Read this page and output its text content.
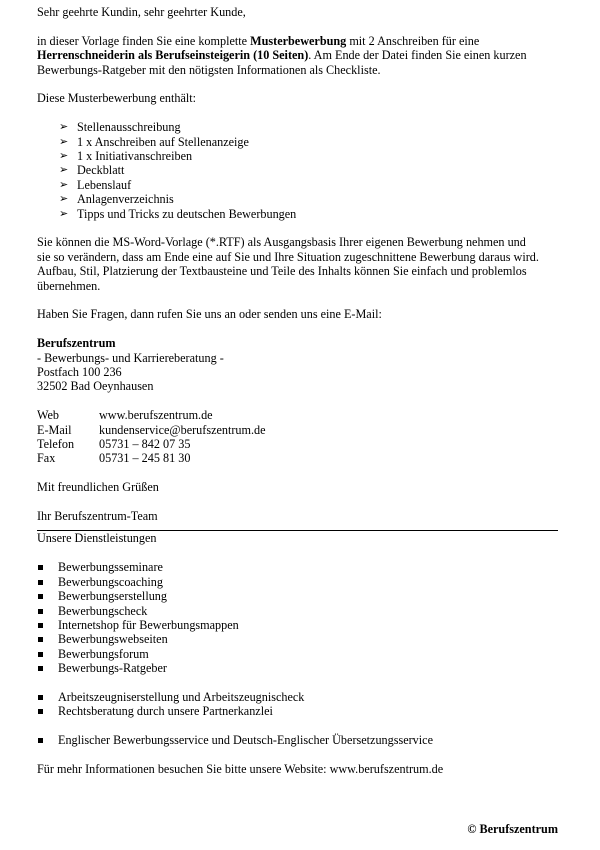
Sehr geehrte Kundin, sehr geehrter Kunde,

in dieser Vorlage finden Sie eine komplette Musterbewerbung mit 2 Anschreiben für eine
Herrenschneiderin als Berufseinsteigerin (10 Seiten). Am Ende der Datei finden Sie einen kurzen
Bewerbungs-Ratgeber mit den nötigsten Informationen als Checkliste.

Diese Musterbewerbung enthält:

➢ Stellenausschreibung
➢ 1 x Anschreiben auf Stellenanzeige
➢ 1 x Initiativanschreiben
➢ Deckblatt
➢ Lebenslauf
➢ Anlagenverzeichnis
➢ Tipps und Tricks zu deutschen Bewerbungen
Sie können die MS-Word-Vorlage (*.RTF) als Ausgangsbasis Ihrer eigenen Bewerbung nehmen und
sie so verändern, dass am Ende eine auf Sie und Ihre Situation zugeschnittene Bewerbung daraus wird.
Aufbau, Stil, Platzierung der Textbausteine und Teile des Inhalts können Sie einfach und problemlos
übernehmen.

Haben Sie Fragen, dann rufen Sie uns an oder senden uns eine E-Mail:

Berufszentrum

- Bewerbungs- und Karriereberatung -

Postfach 100 236

32502 Bad Oeynhausen

Web	www.berufszentrum.de
E-Mail	kundenservice@berufszentrum.de
Telefon	05731 – 842 07 35
Fax	05731 – 245 81 30

Mit freundlichen Grüßen

Ihr Berufszentrum-Team

Unsere Dienstleistungen

Bewerbungsseminare
Bewerbungscoaching
Bewerbungserstellung
Bewerbungscheck
Internetshop für Bewerbungsmappen
Bewerbungswebseiten
Bewerbungsforum
Bewerbungs-Ratgeber
Arbeitszeugniserstellung und Arbeitszeugnischeck
Rechtsberatung durch unsere Partnerkanzlei
Englischer Bewerbungsservice und Deutsch-Englischer Übersetzungsservice

Für mehr Informationen besuchen Sie bitte unsere Website: www.berufszentrum.de

© Berufszentrum
